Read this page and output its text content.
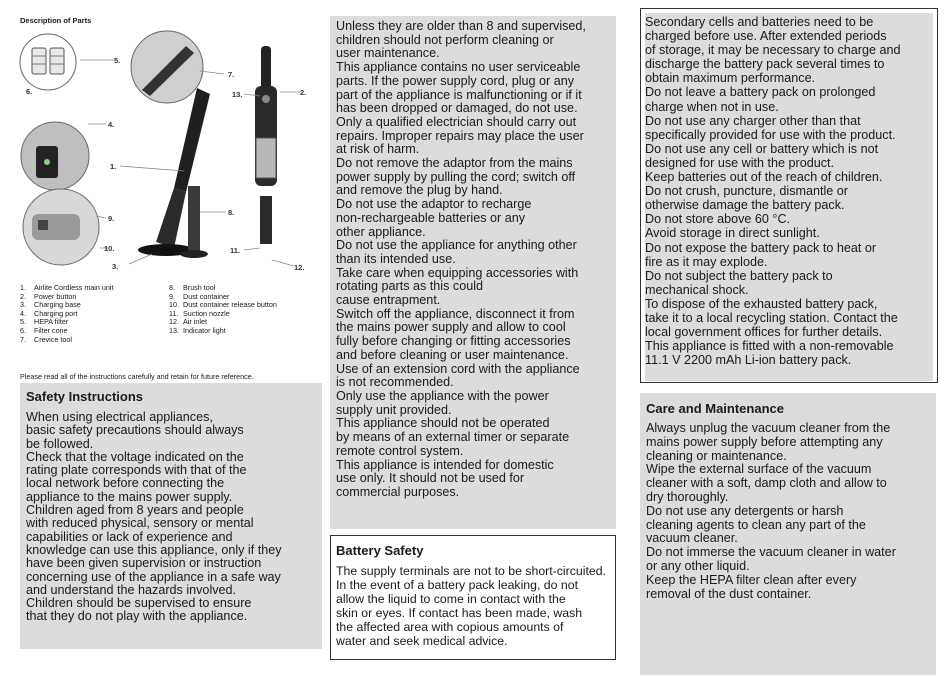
Description of Parts
5.
6.
7.
4.
1.
8.
9.
10.
3.
13.	2.
11.
12.
1. Airlite Cordless main unit
2. Power button
3. Charging base
4. Charging port
5. HEPA filter
6. Filter cone
7. Crevice tool
8. Brush tool
9. Dust container
10. Dust container release button
11. Suction nozzle
12. Air inlet
13. Indicator light
Please read all of the instructions carefully and retain for future reference.
Safety Instructions
When using electrical appliances,
basic safety precautions should always
be followed.
Check that the voltage indicated on the
rating plate corresponds with that of the
local network before connecting the
appliance to the mains power supply.
Children aged from 8 years and people
with reduced physical, sensory or mental
capabilities or lack of experience and
knowledge can use this appliance, only if they
have been given supervision or instruction
concerning use of the appliance in a safe way
and understand the hazards involved.
Children should be supervised to ensure
that they do not play with the appliance.
Unless they are older than 8 and supervised,
children should not perform cleaning or
user maintenance.
This appliance contains no user serviceable
parts. If the power supply cord, plug or any
part of the appliance is malfunctioning or if it
has been dropped or damaged, do not use.
Only a qualified electrician should carry out
repairs. Improper repairs may place the user
at risk of harm.
Do not remove the adaptor from the mains
power supply by pulling the cord; switch off
and remove the plug by hand.
Do not use the adaptor to recharge
non-rechargeable batteries or any
other appliance.
Do not use the appliance for anything other
than its intended use.
Take care when equipping accessories with
rotating parts as this could
cause entrapment.
Switch off the appliance, disconnect it from
the mains power supply and allow to cool
fully before changing or fitting accessories
and before cleaning or user maintenance.
Use of an extension cord with the appliance
is not recommended.
Only use the appliance with the power
supply unit provided.
This appliance should not be operated
by means of an external timer or separate
remote control system.
This appliance is intended for domestic
use only. It should not be used for
commercial purposes.
Battery Safety
The supply terminals are not to be short-circuited.
In the event of a battery pack leaking, do not
allow the liquid to come in contact with the
skin or eyes. If contact has been made, wash
the affected area with copious amounts of
water and seek medical advice.
Secondary cells and batteries need to be
charged before use. After extended periods
of storage, it may be necessary to charge and
discharge the battery pack several times to
obtain maximum performance.
Do not leave a battery pack on prolonged
charge when not in use.
Do not use any charger other than that
specifically provided for use with the product.
Do not use any cell or battery which is not
designed for use with the product.
Keep batteries out of the reach of children.
Do not crush, puncture, dismantle or
otherwise damage the battery pack.
Do not store above 60 °C.
Avoid storage in direct sunlight.
Do not expose the battery pack to heat or
fire as it may explode.
Do not subject the battery pack to
mechanical shock.
To dispose of the exhausted battery pack,
take it to a local recycling station. Contact the
local government offices for further details.
This appliance is fitted with a non-removable
11.1 V 2200 mAh Li-ion battery pack.
Care and Maintenance
Always unplug the vacuum cleaner from the
mains power supply before attempting any
cleaning or maintenance.
Wipe the external surface of the vacuum
cleaner with a soft, damp cloth and allow to
dry thoroughly.
Do not use any detergents or harsh
cleaning agents to clean any part of the
vacuum cleaner.
Do not immerse the vacuum cleaner in water
or any other liquid.
Keep the HEPA filter clean after every
removal of the dust container.
